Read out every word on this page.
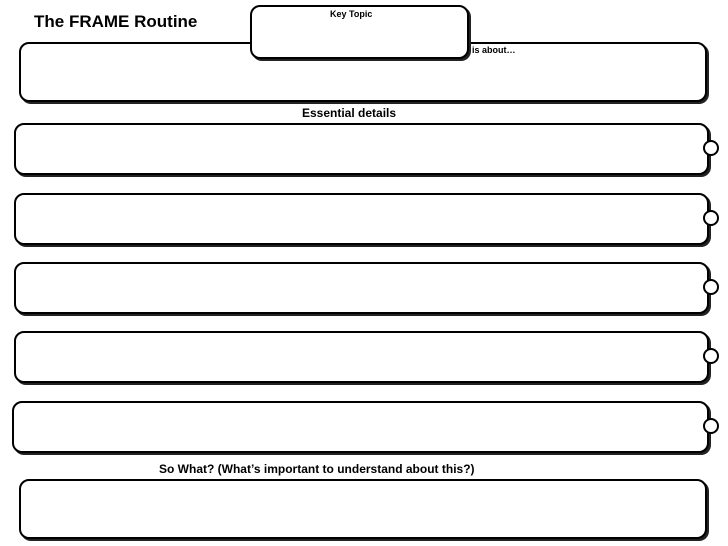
The FRAME Routine	Key Topic
is about…
Essential details
So What? (What’s important to understand about this?)
